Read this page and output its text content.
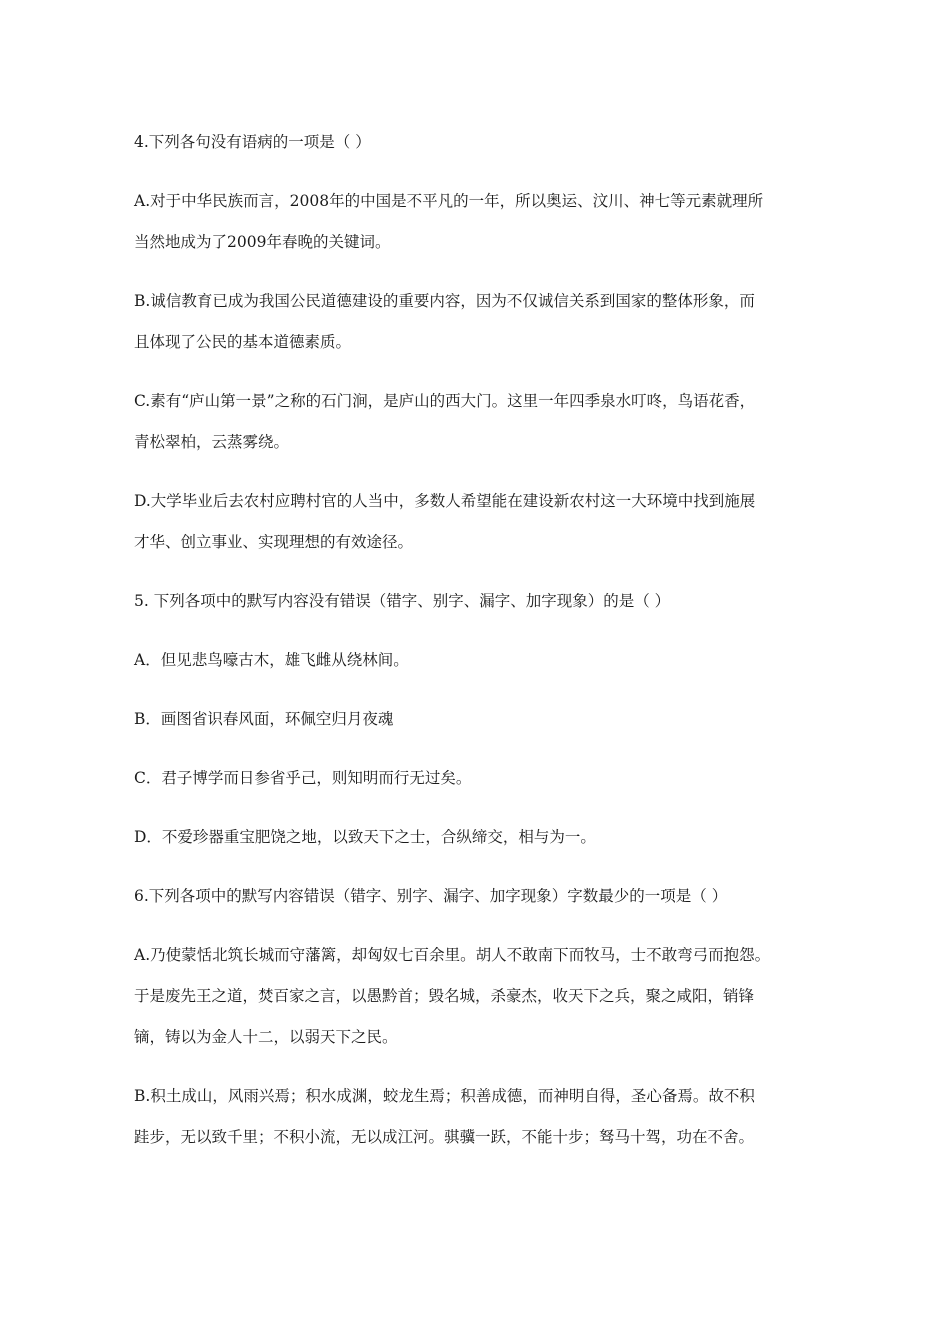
4.下列各句没有语病的一项是（ ）
A.对于中华民族而言，2008年的中国是不平凡的一年，所以奥运、汶川、神七等元素就理所
当然地成为了2009年春晚的关键词。
B.诚信教育已成为我国公民道德建设的重要内容，因为不仅诚信关系到国家的整体形象，而
且体现了公民的基本道德素质。
C.素有“庐山第一景”之称的石门涧，是庐山的西大门。这里一年四季泉水叮咚，鸟语花香，
青松翠柏，云蒸雾绕。
D.大学毕业后去农村应聘村官的人当中，多数人希望能在建设新农村这一大环境中找到施展
才华、创立事业、实现理想的有效途径。
5. 下列各项中的默写内容没有错误（错字、别字、漏字、加字现象）的是（ ）
A．但见悲鸟嚎古木，雄飞雌从绕林间。
B．画图省识春风面，环佩空归月夜魂
C．君子博学而日参省乎己，则知明而行无过矣。
D．不爱珍器重宝肥饶之地，以致天下之士，合纵缔交，相与为一。
6.下列各项中的默写内容错误（错字、别字、漏字、加字现象）字数最少的一项是（ ）
A.乃使蒙恬北筑长城而守藩篱，却匈奴七百余里。胡人不敢南下而牧马，士不敢弯弓而抱怨。
于是废先王之道，焚百家之言，以愚黔首；毁名城，杀豪杰，收天下之兵，聚之咸阳，销锋
镝，铸以为金人十二，以弱天下之民。
B.积土成山，风雨兴焉；积水成渊，蛟龙生焉；积善成德，而神明自得，圣心备焉。故不积
跬步，无以致千里；不积小流，无以成江河。骐骥一跃，不能十步；驽马十驾，功在不舍。
